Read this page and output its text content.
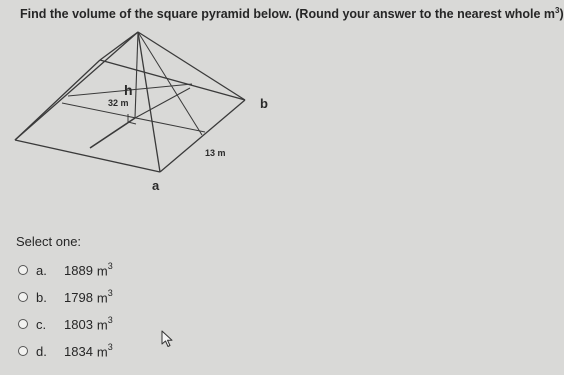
Find the volume of the square pyramid below. (Round your answer to the nearest whole $m^3$)
h
32 m	b
13 m
a
Select one:
a.	1889 $m^3$
b.	1798 $m^3$
c.	1803 $m^3$
d.	1834 $m^3$
